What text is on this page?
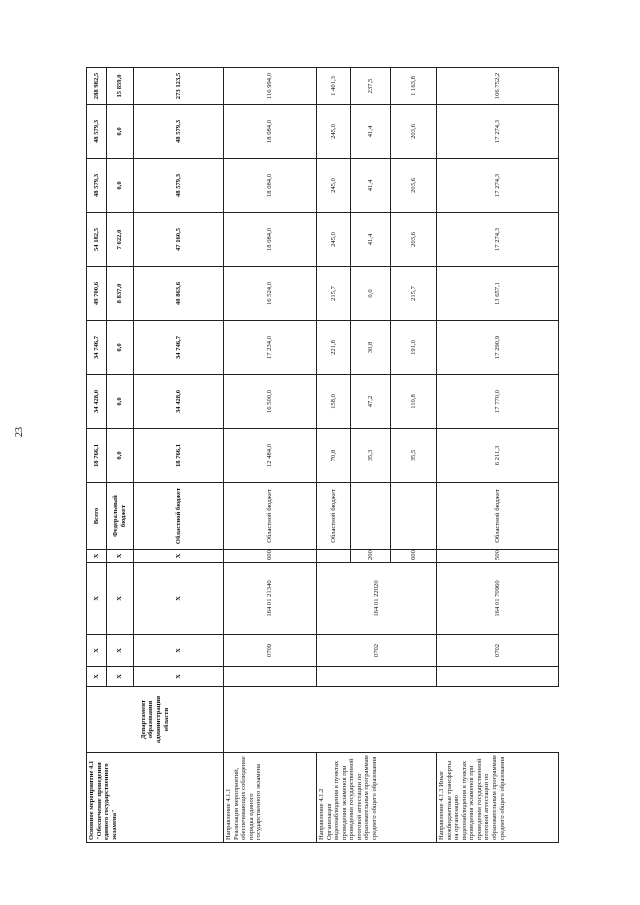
23
Основное мероприятие 4.1 "Обеспечение проведения единого государственного экзамена"	Департамент образования администрации области	X	X	X	X	Всего	18 766,1	34 428,0	34 746,7	49 700,6	54 182,5	48 579,3	48 579,3	288 982,5
		X	X	X	X	Федеральный бюджет	0,0	0,0	0,0	8 837,0	7 022,0	0,0	0,0	15 859,0
		X	X	X	X	Областной бюджет	18 766,1	34 428,0	34 746,7	40 863,6	47 160,5	48 579,3	48 579,3	273 123,5
Направление 4.1.1 Реализация мероприятий, обеспечивающих соблюдение порядка единого государственного экзамена			0709	164 01 21340	600	Областной бюджет	12 484,0	16 500,0	17 234,0	16 524,0	18 084,0	18 084,0	18 084,0	116 994,0
Направление 4.1.2 Организация видеонаблюдения в пунктах проведения экзаменов при проведении государственной итоговой аттестации по образовательным программам среднего общего образования			0702	164 01 22020		Областной бюджет	70,8	158,0	221,8	215,7	245,0	245,0	245,0	1 401,3
					200		35,3	47,2	30,8	0,0	41,4	41,4	41,4	237,5
					600		35,5	110,8	191,0	215,7	203,6	203,6	203,6	1 163,8
Направление 4.1.3 Иные межбюджетные трансферты на организацию видеонаблюдения в пунктах проведения экзаменов при проведении государственной итоговой аттестации по образовательным программам среднего общего образования			0702	164 01 70960	500	Областной бюджет	6 211,3	17 770,0	17 290,9	13 657,1	17 274,3	17 274,3	17 274,3	106 752,2
